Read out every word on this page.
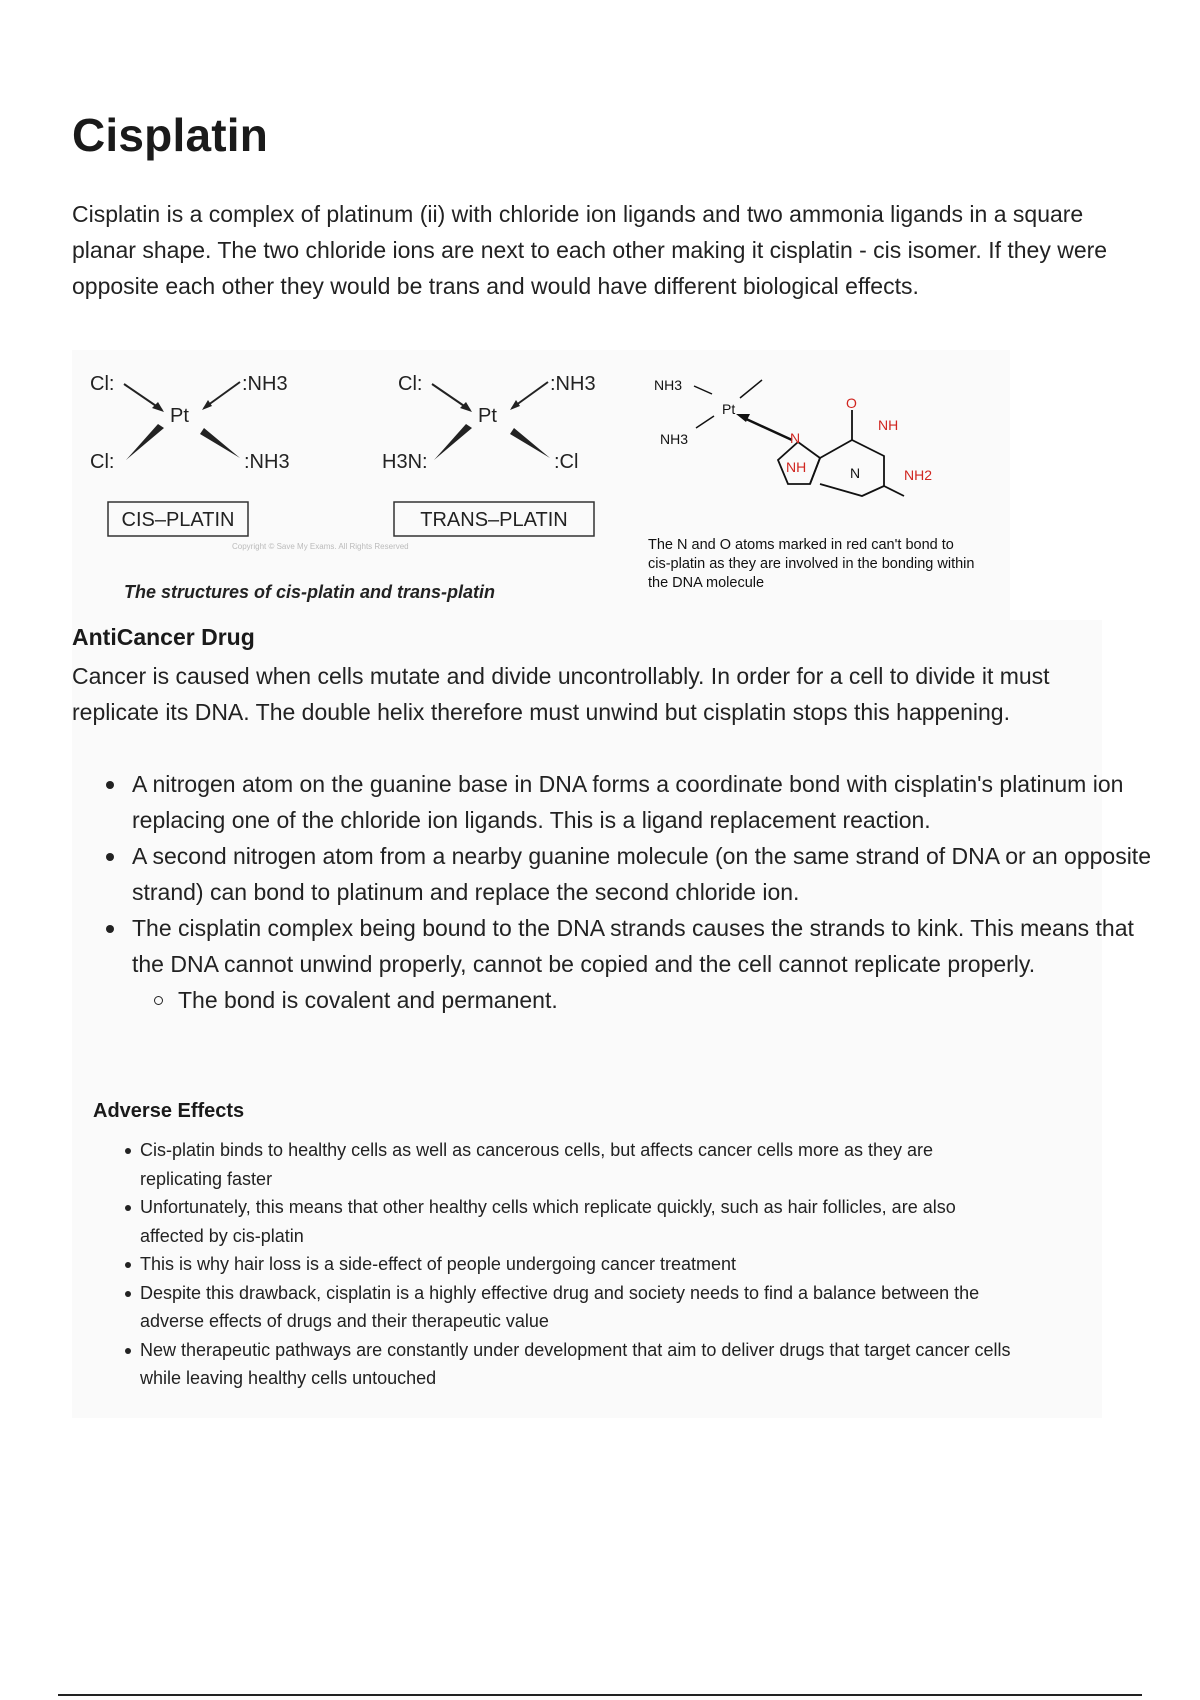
Cisplatin

Cisplatin is a complex of platinum (ii) with chloride ion ligands and two ammonia ligands in a square planar shape. The two chloride ions are next to each other making it cisplatin - cis isomer. If they were opposite each other they would be trans and would have different biological effects.

Cl:	:NH3
Pt
Cl:	:NH3
CIS–PLATIN
Cl:	:NH3
Pt
H3N:	:Cl
TRANS–PLATIN
NH3
NH3
Pt
N
O
NH
NH	N	NH2
Copyright © Save My Exams. All Rights Reserved
The structures of cis-platin and trans-platin
The N and O atoms marked in red can't bond to cis-platin as they are involved in the bonding within the DNA molecule
AntiCancer Drug

Cancer is caused when cells mutate and divide uncontrollably. In order for a cell to divide it must replicate its DNA. The double helix therefore must unwind but cisplatin stops this happening.

A nitrogen atom on the guanine base in DNA forms a coordinate bond with cisplatin's platinum ion replacing one of the chloride ion ligands. This is a ligand replacement reaction.
A second nitrogen atom from a nearby guanine molecule (on the same strand of DNA or an opposite strand) can bond to platinum and replace the second chloride ion.
The cisplatin complex being bound to the DNA strands causes the strands to kink. This means that the DNA cannot unwind properly, cannot be copied and the cell cannot replicate properly.
The bond is covalent and permanent.
Adverse Effects
Cis-platin binds to healthy cells as well as cancerous cells, but affects cancer cells more as they are replicating faster
Unfortunately, this means that other healthy cells which replicate quickly, such as hair follicles, are also affected by cis-platin
This is why hair loss is a side-effect of people undergoing cancer treatment
Despite this drawback, cisplatin is a highly effective drug and society needs to find a balance between the adverse effects of drugs and their therapeutic value
New therapeutic pathways are constantly under development that aim to deliver drugs that target cancer cells while leaving healthy cells untouched
